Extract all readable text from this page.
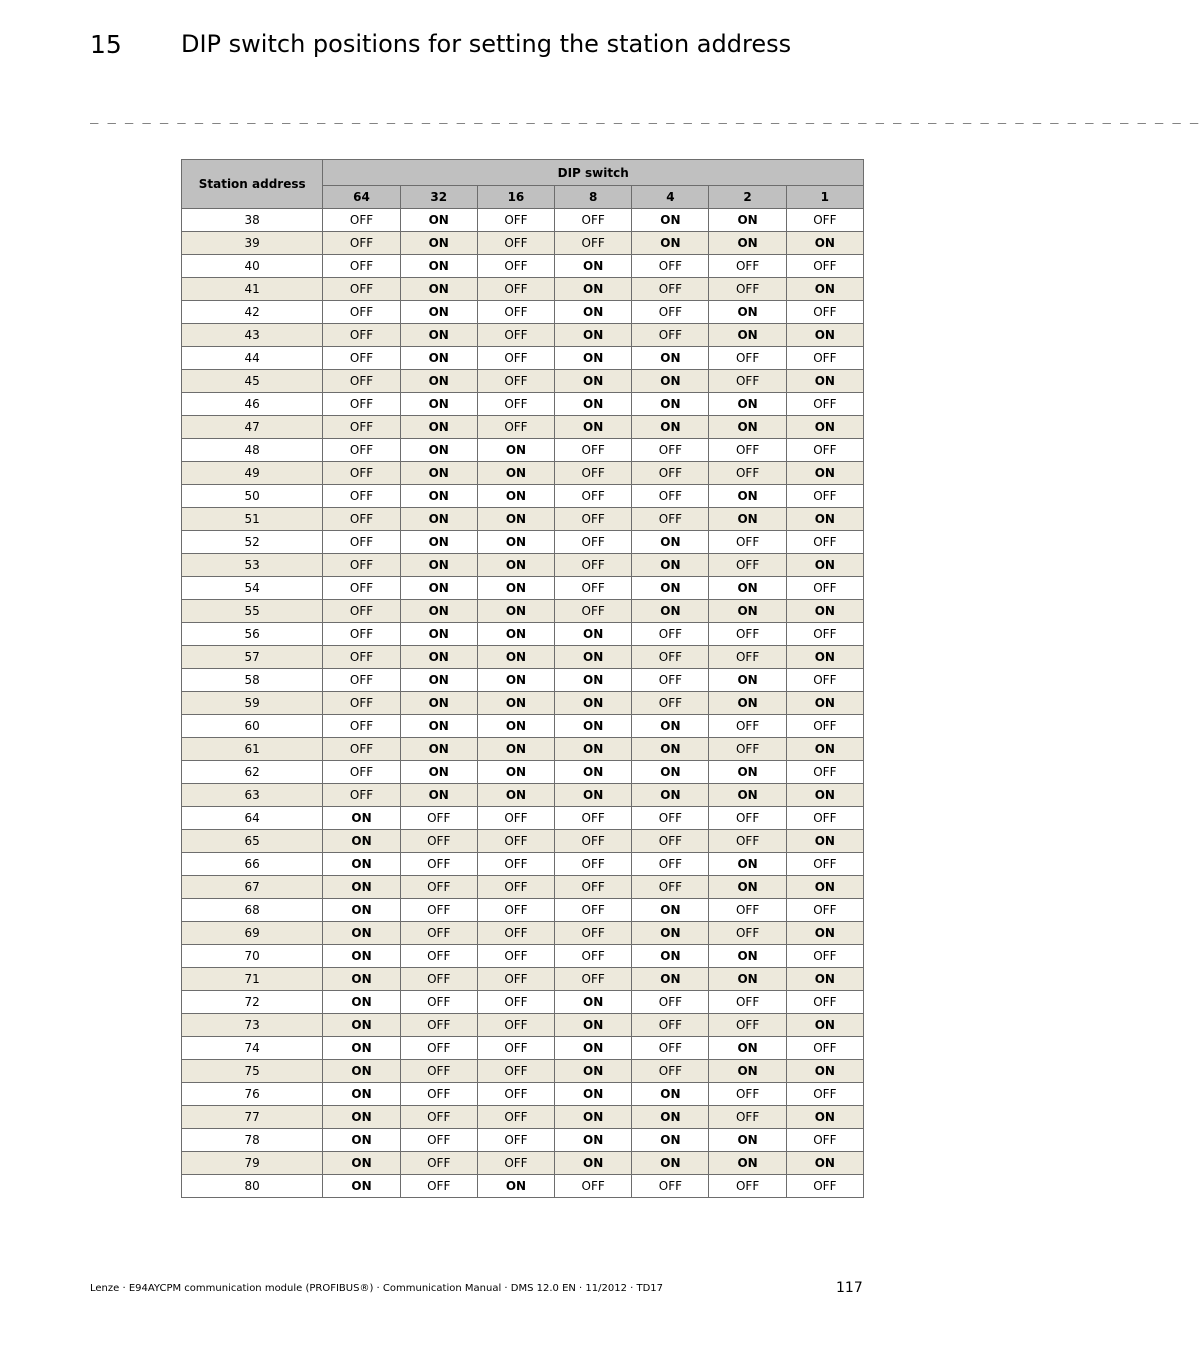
15 DIP switch positions for setting the station address
_ _ _ _ _ _ _ _ _ _ _ _ _ _ _ _ _ _ _ _ _ _ _ _ _ _ _ _ _ _ _ _ _ _ _ _ _ _ _ _ _ _ _ _ _ _ _ _ _ _ _ _ _ _ _ _ _ _ _ _ _ _ _ _
Station address	DIP switch						
	64	32	16	8	4	2	1
38	OFF	ON	OFF	OFF	ON	ON	OFF
39	OFF	ON	OFF	OFF	ON	ON	ON
40	OFF	ON	OFF	ON	OFF	OFF	OFF
41	OFF	ON	OFF	ON	OFF	OFF	ON
42	OFF	ON	OFF	ON	OFF	ON	OFF
43	OFF	ON	OFF	ON	OFF	ON	ON
44	OFF	ON	OFF	ON	ON	OFF	OFF
45	OFF	ON	OFF	ON	ON	OFF	ON
46	OFF	ON	OFF	ON	ON	ON	OFF
47	OFF	ON	OFF	ON	ON	ON	ON
48	OFF	ON	ON	OFF	OFF	OFF	OFF
49	OFF	ON	ON	OFF	OFF	OFF	ON
50	OFF	ON	ON	OFF	OFF	ON	OFF
51	OFF	ON	ON	OFF	OFF	ON	ON
52	OFF	ON	ON	OFF	ON	OFF	OFF
53	OFF	ON	ON	OFF	ON	OFF	ON
54	OFF	ON	ON	OFF	ON	ON	OFF
55	OFF	ON	ON	OFF	ON	ON	ON
56	OFF	ON	ON	ON	OFF	OFF	OFF
57	OFF	ON	ON	ON	OFF	OFF	ON
58	OFF	ON	ON	ON	OFF	ON	OFF
59	OFF	ON	ON	ON	OFF	ON	ON
60	OFF	ON	ON	ON	ON	OFF	OFF
61	OFF	ON	ON	ON	ON	OFF	ON
62	OFF	ON	ON	ON	ON	ON	OFF
63	OFF	ON	ON	ON	ON	ON	ON
64	ON	OFF	OFF	OFF	OFF	OFF	OFF
65	ON	OFF	OFF	OFF	OFF	OFF	ON
66	ON	OFF	OFF	OFF	OFF	ON	OFF
67	ON	OFF	OFF	OFF	OFF	ON	ON
68	ON	OFF	OFF	OFF	ON	OFF	OFF
69	ON	OFF	OFF	OFF	ON	OFF	ON
70	ON	OFF	OFF	OFF	ON	ON	OFF
71	ON	OFF	OFF	OFF	ON	ON	ON
72	ON	OFF	OFF	ON	OFF	OFF	OFF
73	ON	OFF	OFF	ON	OFF	OFF	ON
74	ON	OFF	OFF	ON	OFF	ON	OFF
75	ON	OFF	OFF	ON	OFF	ON	ON
76	ON	OFF	OFF	ON	ON	OFF	OFF
77	ON	OFF	OFF	ON	ON	OFF	ON
78	ON	OFF	OFF	ON	ON	ON	OFF
79	ON	OFF	OFF	ON	ON	ON	ON
80	ON	OFF	ON	OFF	OFF	OFF	OFF
Lenze · E94AYCPM communication module (PROFIBUS®) · Communication Manual · DMS 12.0 EN · 11/2012 · TD17	117
